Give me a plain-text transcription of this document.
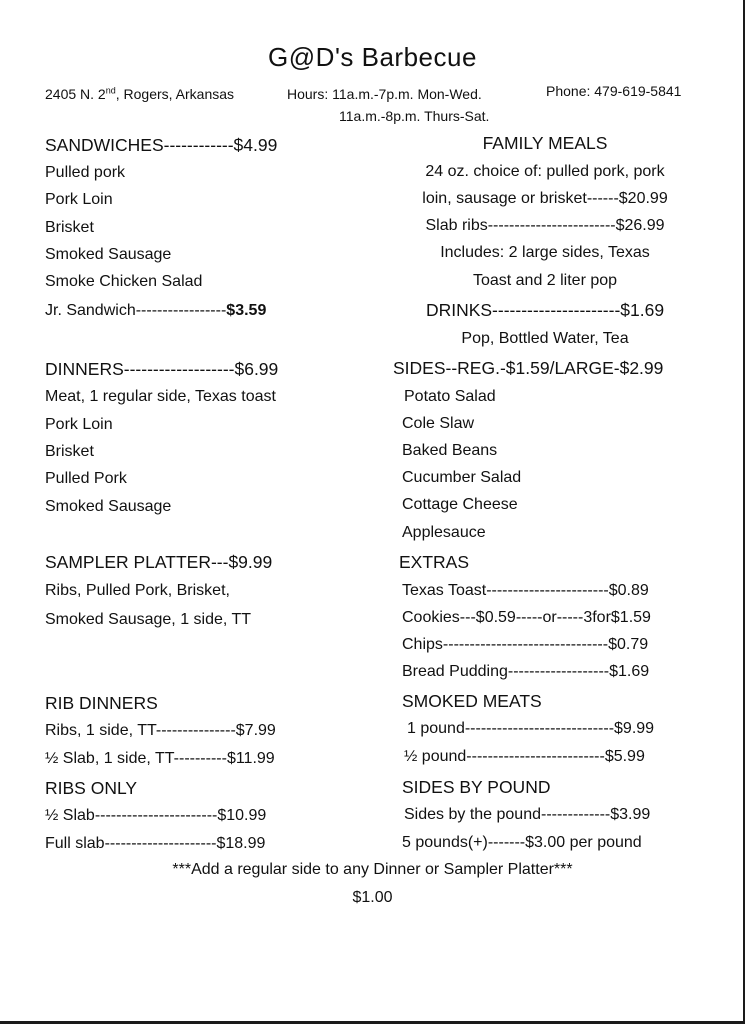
G@D's Barbecue
2405 N. 2nd, Rogers, Arkansas	Hours: 11a.m.-7p.m. Mon-Wed.
11a.m.-8p.m. Thurs-Sat.
Phone: 479-619-5841
SANDWICHES------------$4.99
Pulled pork
Pork Loin
Brisket
Smoked Sausage
Smoke Chicken Salad
Jr. Sandwich-----------------$3.59
DINNERS-------------------$6.99
Meat, 1 regular side, Texas toast
Pork Loin
Brisket
Pulled Pork
Smoked Sausage
SAMPLER PLATTER---$9.99
Ribs, Pulled Pork, Brisket,
Smoked Sausage, 1 side, TT
RIB DINNERS
Ribs, 1 side, TT---------------$7.99
½ Slab, 1 side, TT----------$11.99
RIBS ONLY
½ Slab-----------------------$10.99
Full slab---------------------$18.99
FAMILY MEALS
24 oz. choice of: pulled pork, pork
loin, sausage or brisket------$20.99
Slab ribs------------------------$26.99
Includes: 2 large sides, Texas
Toast and 2 liter pop
DRINKS----------------------$1.69
Pop, Bottled Water, Tea
SIDES--REG.-$1.59/LARGE-$2.99
Potato Salad
Cole Slaw
Baked Beans
Cucumber Salad
Cottage Cheese
Applesauce
EXTRAS
Texas Toast-----------------------$0.89
Cookies---$0.59-----or-----3for$1.59
Chips-------------------------------$0.79
Bread Pudding-------------------$1.69
SMOKED MEATS
1 pound----------------------------$9.99
½ pound--------------------------$5.99
SIDES BY POUND
Sides by the pound-------------$3.99
5 pounds(+)-------$3.00 per pound
***Add a regular side to any Dinner or Sampler Platter***
$1.00
